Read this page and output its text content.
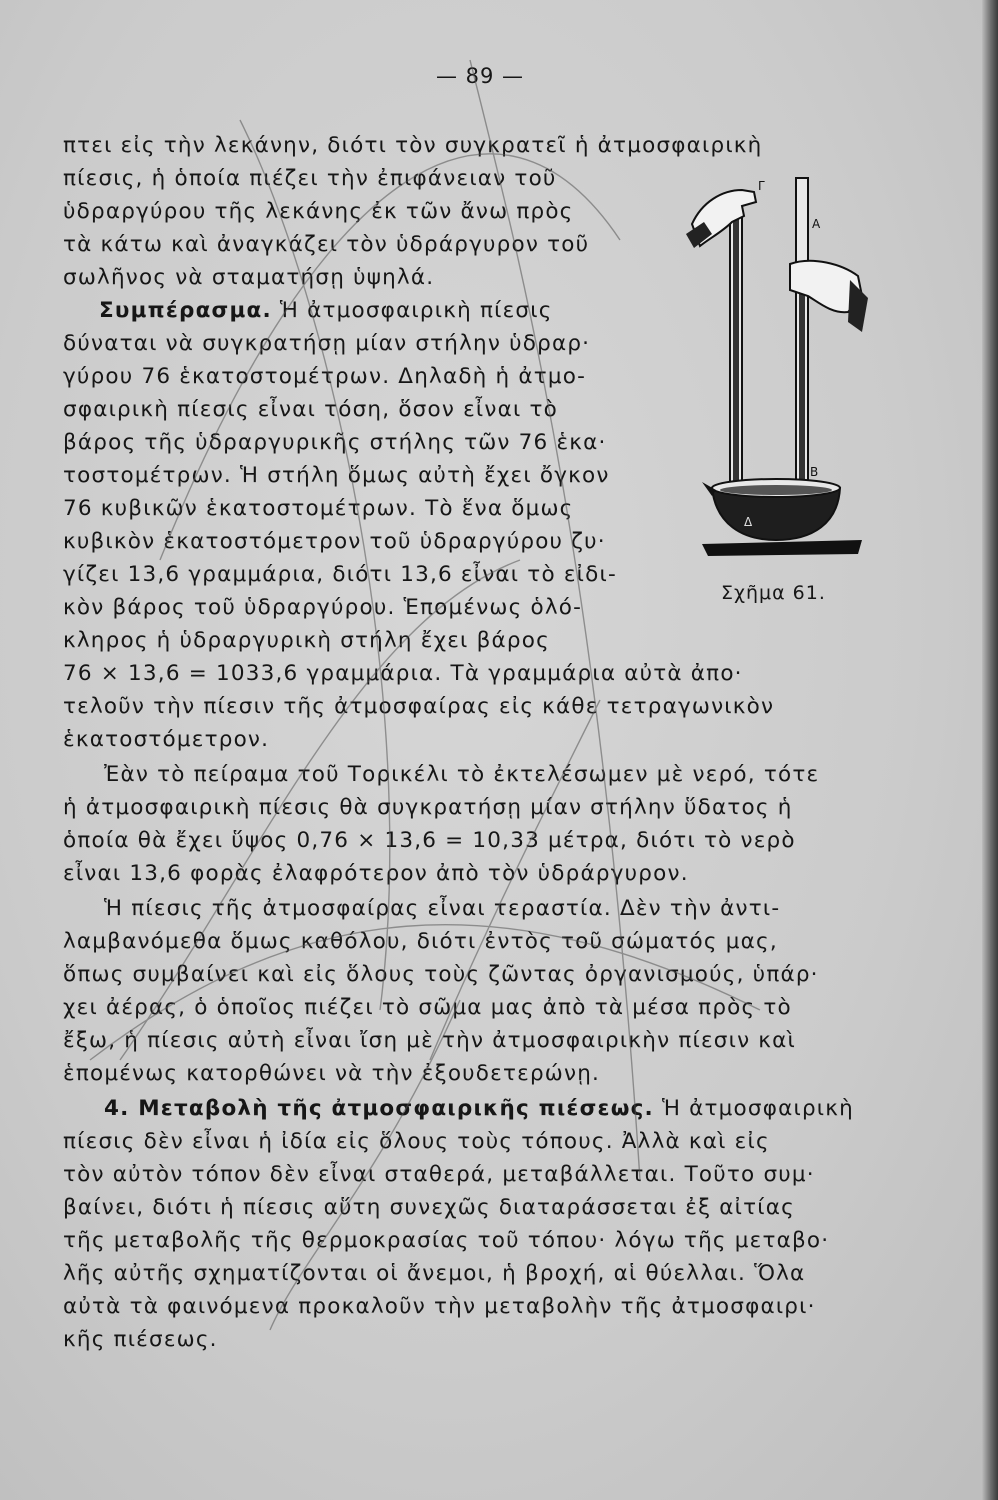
— 89 —
πτει εἰς τὴν λεκάνην, διότι τὸν συγκρατεῖ ἡ ἀτμοσφαιρικὴ
πίεσις, ἡ ὁποία πιέζει τὴν ἐπιφάνειαν τοῦ
ὑδραργύρου τῆς λεκάνης ἐκ τῶν ἄνω πρὸς
τὰ κάτω καὶ ἀναγκάζει τὸν ὑδράργυρον τοῦ
σωλῆνος νὰ σταματήσῃ ὑψηλά.
Συμπέρασμα. Ἡ ἀτμοσφαιρικὴ πίεσις
δύναται νὰ συγκρατήσῃ μίαν στήλην ὑδραρ·
γύρου 76 ἑκατοστομέτρων. Δηλαδὴ ἡ ἀτμο-
σφαιρικὴ πίεσις εἶναι τόση, ὅσον εἶναι τὸ
βάρος τῆς ὑδραργυρικῆς στήλης τῶν 76 ἑκα·
τοστομέτρων. Ἡ στήλη ὅμως αὐτὴ ἔχει ὄγκον
76 κυβικῶν ἑκατοστομέτρων. Τὸ ἕνα ὅμως
κυβικὸν ἑκατοστόμετρον τοῦ ὑδραργύρου ζυ·
γίζει 13,6 γραμμάρια, διότι 13,6 εἶναι τὸ εἰδι-
κὸν βάρος τοῦ ὑδραργύρου. Ἑπομένως ὁλό-
κληρος ἡ ὑδραργυρικὴ στήλη ἔχει βάρος
76 × 13,6 = 1033,6 γραμμάρια. Τὰ γραμμάρια αὐτὰ ἀπο·
τελοῦν τὴν πίεσιν τῆς ἀτμοσφαίρας εἰς κάθε τετραγωνικὸν
ἑκατοστόμετρον.
Ἐὰν τὸ πείραμα τοῦ Τορικέλι τὸ ἐκτελέσωμεν μὲ νερό, τότε
ἡ ἀτμοσφαιρικὴ πίεσις θὰ συγκρατήσῃ μίαν στήλην ὕδατος ἡ
ὁποία θὰ ἔχει ὕψος 0,76 × 13,6 = 10,33 μέτρα, διότι τὸ νερὸ
εἶναι 13,6 φορὰς ἐλαφρότερον ἀπὸ τὸν ὑδράργυρον.
Ἡ πίεσις τῆς ἀτμοσφαίρας εἶναι τεραστία. Δὲν τὴν ἀντι-
λαμβανόμεθα ὅμως καθόλου, διότι ἐντὸς τοῦ σώματός μας,
ὅπως συμβαίνει καὶ εἰς ὅλους τοὺς ζῶντας ὀργανισμούς, ὑπάρ·
χει ἀέρας, ὁ ὁποῖος πιέζει τὸ σῶμα μας ἀπὸ τὰ μέσα πρὸς τὸ
ἔξω, ἡ πίεσις αὐτὴ εἶναι ἴση μὲ τὴν ἀτμοσφαιρικὴν πίεσιν καὶ
ἑπομένως κατορθώνει νὰ τὴν ἐξουδετερώνῃ.
4. Μεταβολὴ τῆς ἀτμοσφαιρικῆς πιέσεως. Ἡ ἀτμοσφαιρικὴ
πίεσις δὲν εἶναι ἡ ἰδία εἰς ὅλους τοὺς τόπους. Ἀλλὰ καὶ εἰς
τὸν αὐτὸν τόπον δὲν εἶναι σταθερά, μεταβάλλεται. Τοῦτο συμ·
βαίνει, διότι ἡ πίεσις αὕτη συνεχῶς διαταράσσεται ἐξ αἰτίας
τῆς μεταβολῆς τῆς θερμοκρασίας τοῦ τόπου· λόγω τῆς μεταβο·
λῆς αὐτῆς σχηματίζονται οἱ ἄνεμοι, ἡ βροχή, αἱ θύελλαι. Ὅλα
αὐτὰ τὰ φαινόμενα προκαλοῦν τὴν μεταβολὴν τῆς ἀτμοσφαιρι·
κῆς πιέσεως.
Γ
Α
Β
Δ
Σχῆμα 61.
